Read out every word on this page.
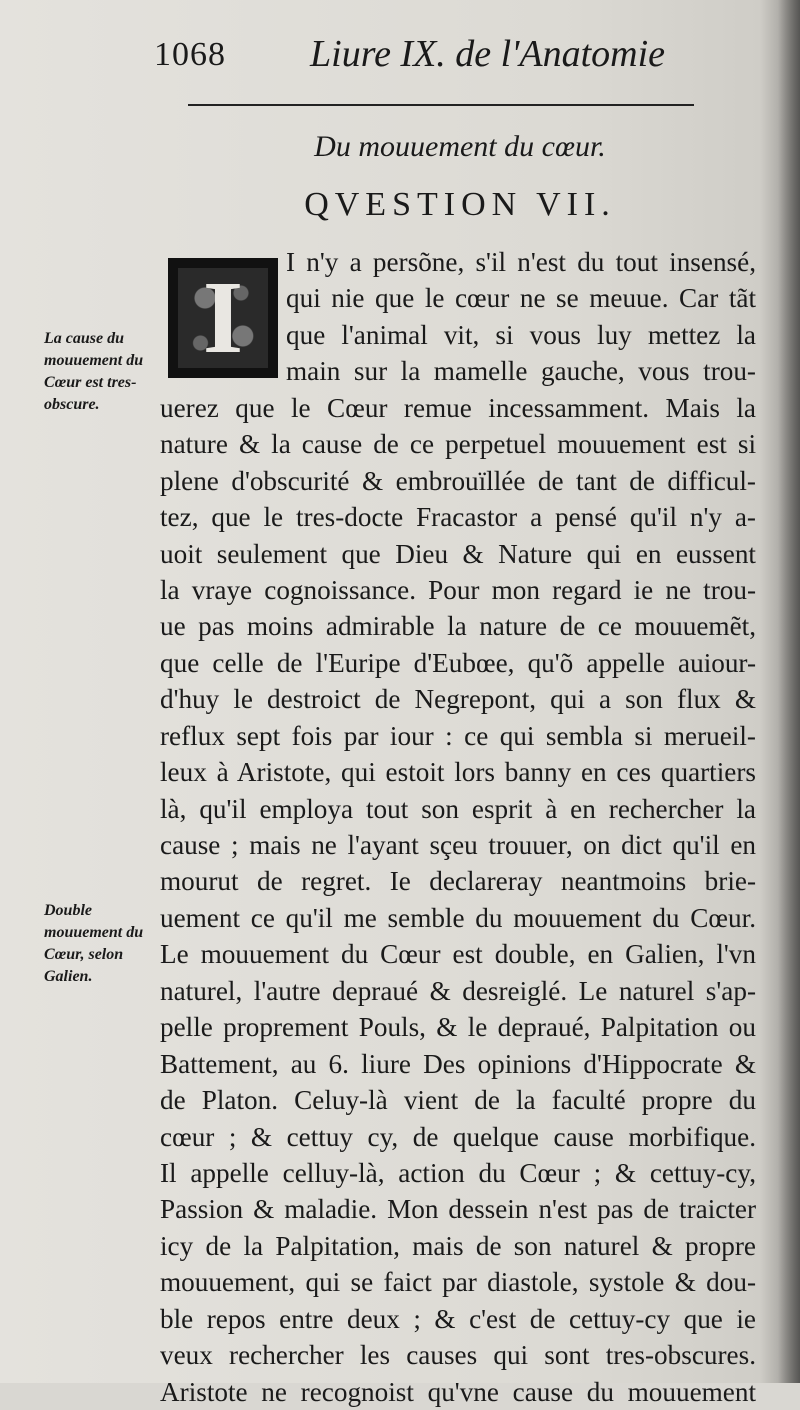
1068 Liure IX. de l'Anatomie
Du mouuement du cœur.
QVESTION VII.
I
La cause du mouuement du Cœur est tres-obscure.
Double mouuement du Cœur, selon Galien.
I n'y a persõne, s'il n'est du tout insensé,
qui nie que le cœur ne se meuue. Car tãt
que l'animal vit, si vous luy mettez la
main sur la mamelle gauche, vous trou-
uerez que le Cœur remue incessamment. Mais la
nature & la cause de ce perpetuel mouuement est si
plene d'obscurité & embrouïllée de tant de difficul-
tez, que le tres-docte Fracastor a pensé qu'il n'y a-
uoit seulement que Dieu & Nature qui en eussent
la vraye cognoissance. Pour mon regard ie ne trou-
ue pas moins admirable la nature de ce mouuemẽt,
que celle de l'Euripe d'Eubœe, qu'õ appelle auiour-
d'huy le destroict de Negrepont, qui a son flux &
reflux sept fois par iour : ce qui sembla si merueil-
leux à Aristote, qui estoit lors banny en ces quartiers
là, qu'il employa tout son esprit à en rechercher la
cause ; mais ne l'ayant sçeu trouuer, on dict qu'il en
mourut de regret. Ie declareray neantmoins brie-
uement ce qu'il me semble du mouuement du Cœur.
Le mouuement du Cœur est double, en Galien, l'vn
naturel, l'autre depraué & desreiglé. Le naturel s'ap-
pelle proprement Pouls, & le depraué, Palpitation ou
Battement, au 6. liure Des opinions d'Hippocrate &
de Platon. Celuy-là vient de la faculté propre du
cœur ; & cettuy cy, de quelque cause morbifique.
Il appelle celluy-là, action du Cœur ; & cettuy-cy,
Passion & maladie. Mon dessein n'est pas de traicter
icy de la Palpitation, mais de son naturel & propre
mouuement, qui se faict par diastole, systole & dou-
ble repos entre deux ; & c'est de cettuy-cy que ie
veux rechercher les causes qui sont tres-obscures.
Aristote ne recognoist qu'vne cause du mouuement
